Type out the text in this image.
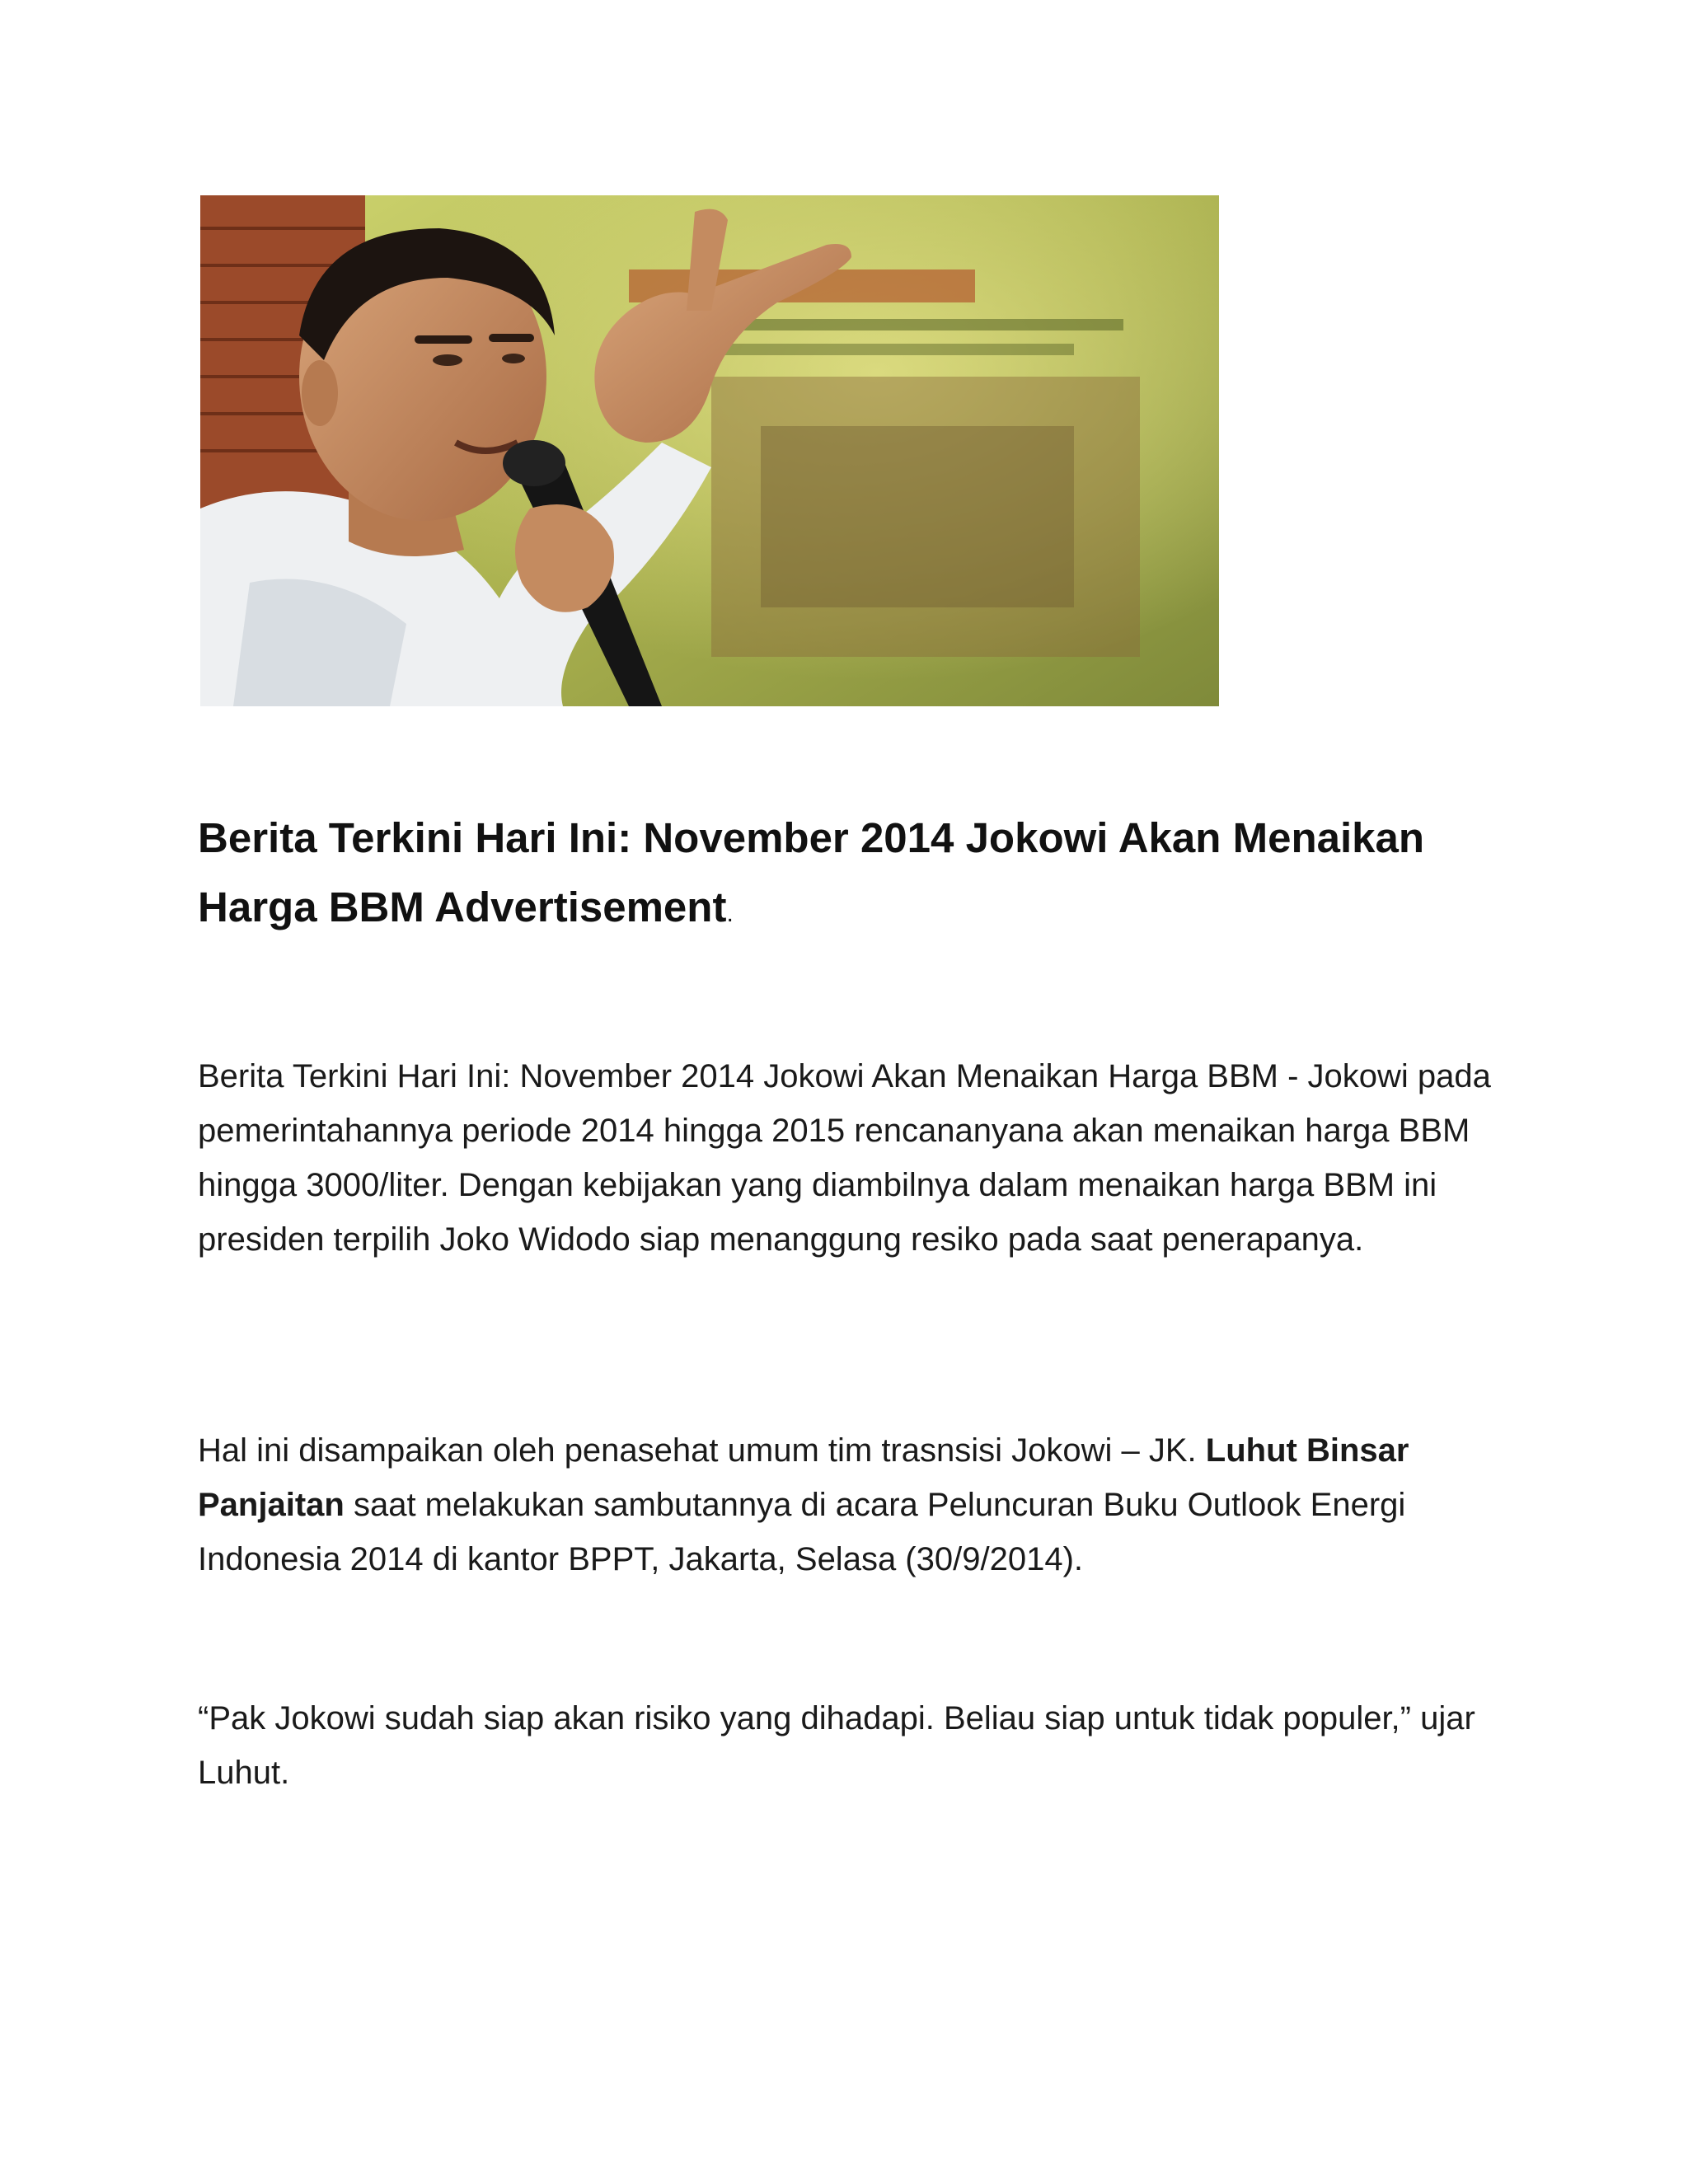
Berita Terkini Hari Ini: November 2014 Jokowi Akan Menaikan Harga BBM Advertisement.
Berita Terkini Hari Ini: November 2014 Jokowi Akan Menaikan Harga BBM - Jokowi pada pemerintahannya periode 2014 hingga 2015 rencananyana akan menaikan harga BBM hingga 3000/liter. Dengan kebijakan yang diambilnya dalam menaikan harga BBM ini presiden terpilih Joko Widodo siap menanggung resiko pada saat penerapanya.
Hal ini disampaikan oleh penasehat umum tim trasnsisi Jokowi – JK. Luhut Binsar Panjaitan saat melakukan sambutannya di acara Peluncuran Buku Outlook Energi Indonesia 2014 di kantor BPPT, Jakarta, Selasa (30/9/2014).
“Pak Jokowi sudah siap akan risiko yang dihadapi. Beliau siap untuk tidak populer,” ujar Luhut.
